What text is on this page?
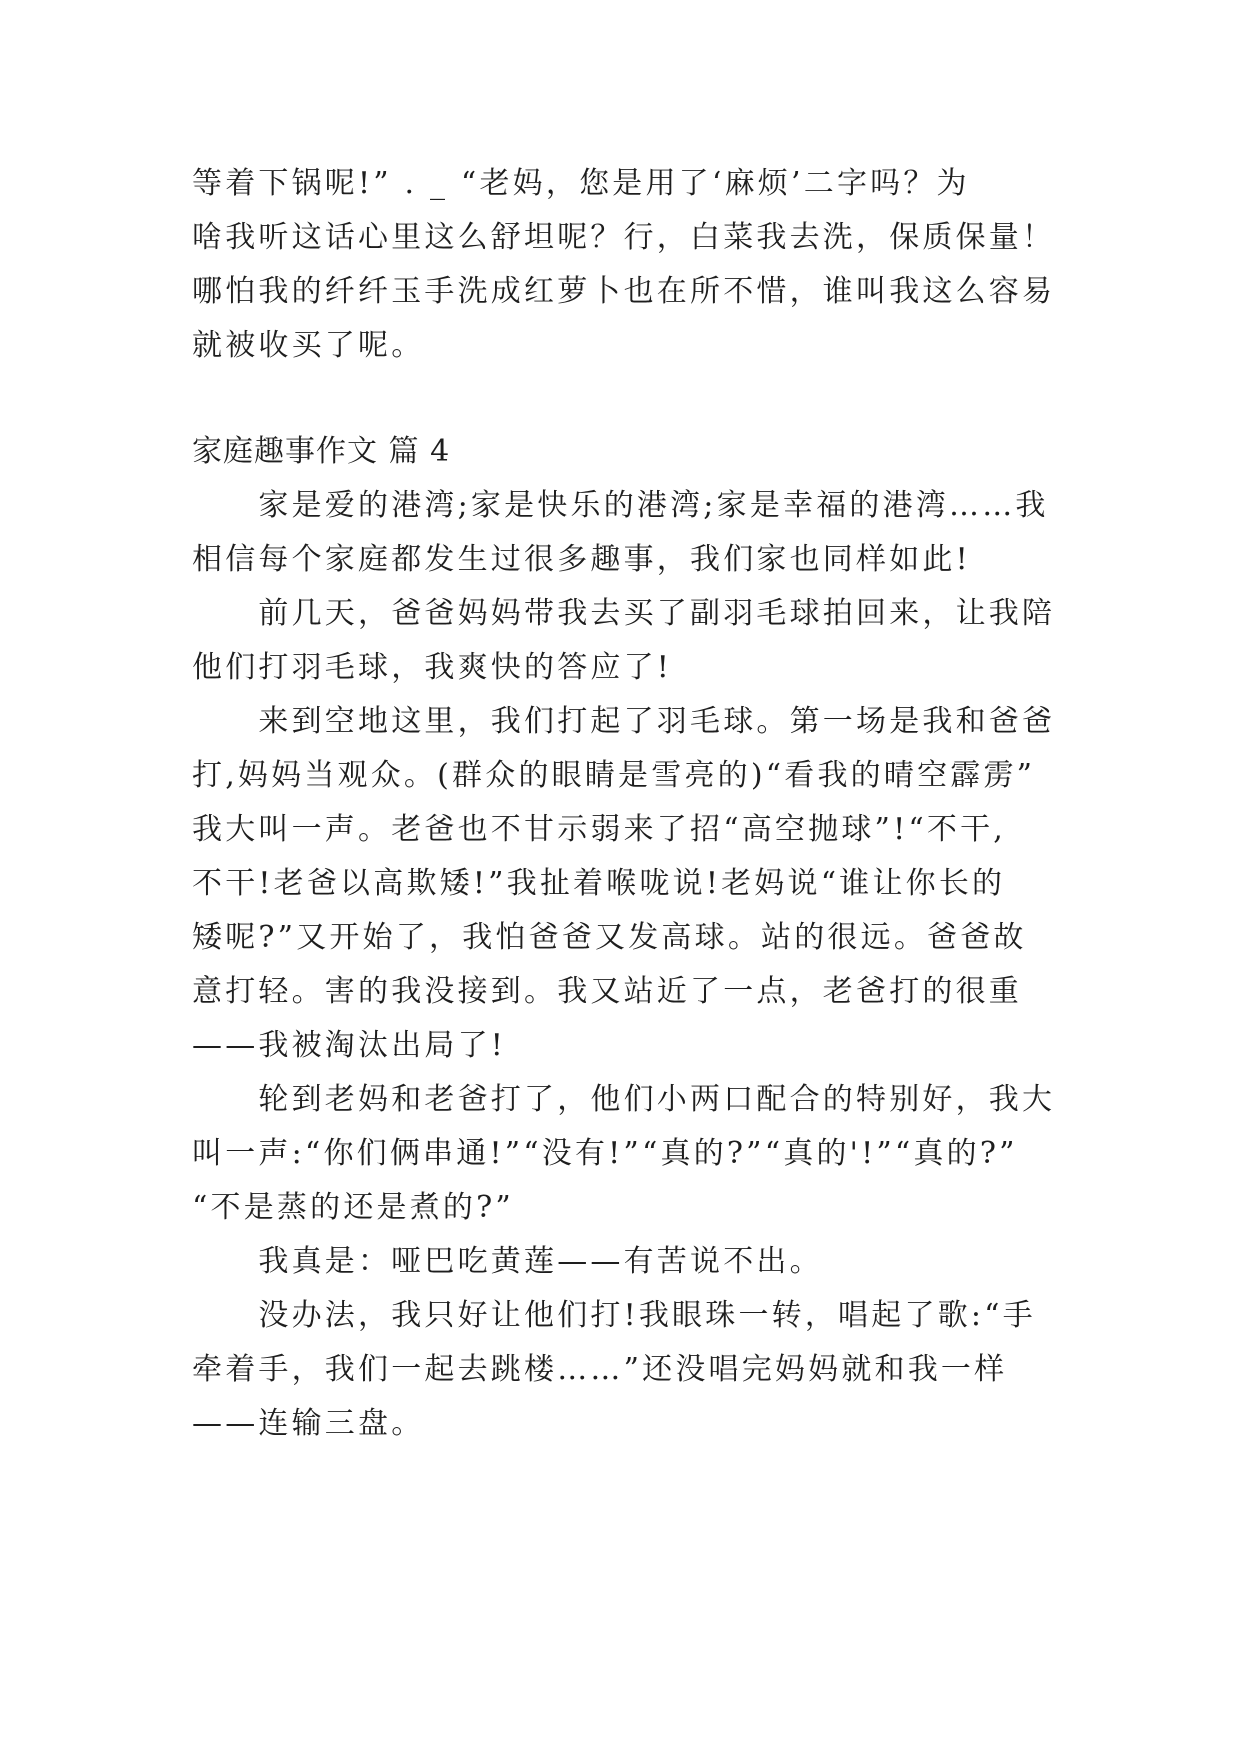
等着下锅呢!” . _ “老妈，您是用了‘麻烦’二字吗？为
啥我听这话心里这么舒坦呢？行，白菜我去洗，保质保量！
哪怕我的纤纤玉手洗成红萝卜也在所不惜，谁叫我这么容易
就被收买了呢。
家庭趣事作文 篇 4
　　家是爱的港湾;家是快乐的港湾;家是幸福的港湾……我
相信每个家庭都发生过很多趣事，我们家也同样如此!
　　前几天，爸爸妈妈带我去买了副羽毛球拍回来，让我陪
他们打羽毛球，我爽快的答应了!
　　来到空地这里，我们打起了羽毛球。第一场是我和爸爸
打,妈妈当观众。(群众的眼睛是雪亮的)“看我的晴空霹雳”
我大叫一声。老爸也不甘示弱来了招“高空抛球”!“不干,
不干!老爸以高欺矮!”我扯着喉咙说!老妈说“谁让你长的
矮呢?”又开始了，我怕爸爸又发高球。站的很远。爸爸故
意打轻。害的我没接到。我又站近了一点，老爸打的很重
——我被淘汰出局了!
　　轮到老妈和老爸打了，他们小两口配合的特别好，我大
叫一声:“你们俩串通!”“没有!”“真的?”“真的'!”“真的?”
“不是蒸的还是煮的?”
　　我真是：哑巴吃黄莲——有苦说不出。
　　没办法，我只好让他们打!我眼珠一转，唱起了歌:“手
牵着手，我们一起去跳楼……”还没唱完妈妈就和我一样
——连输三盘。
